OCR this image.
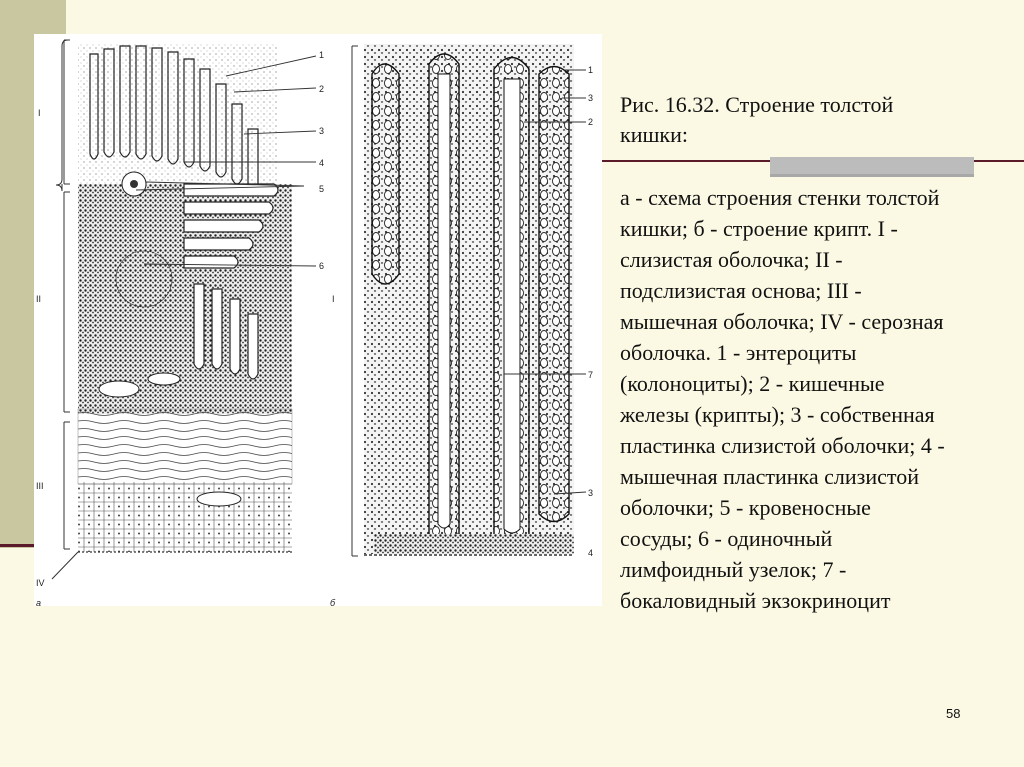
I
II
III
IV
1
2
3
4
5
6
а
I
1
3
2
7
3
4
б
Рис. 16.32. Строение толстой
кишки:
а - схема строения стенки толстой
кишки; б - строение крипт. I -
слизистая оболочка; II -
подслизистая основа; III -
мышечная оболочка; IV - серозная
оболочка. 1 - энтероциты
(колоноциты); 2 - кишечные
железы (крипты); 3 - собственная
пластинка слизистой оболочки; 4 -
мышечная пластинка слизистой
оболочки; 5 - кровеносные
сосуды; 6 - одиночный
лимфоидный узелок; 7 -
бокаловидный экзокриноцит
58
